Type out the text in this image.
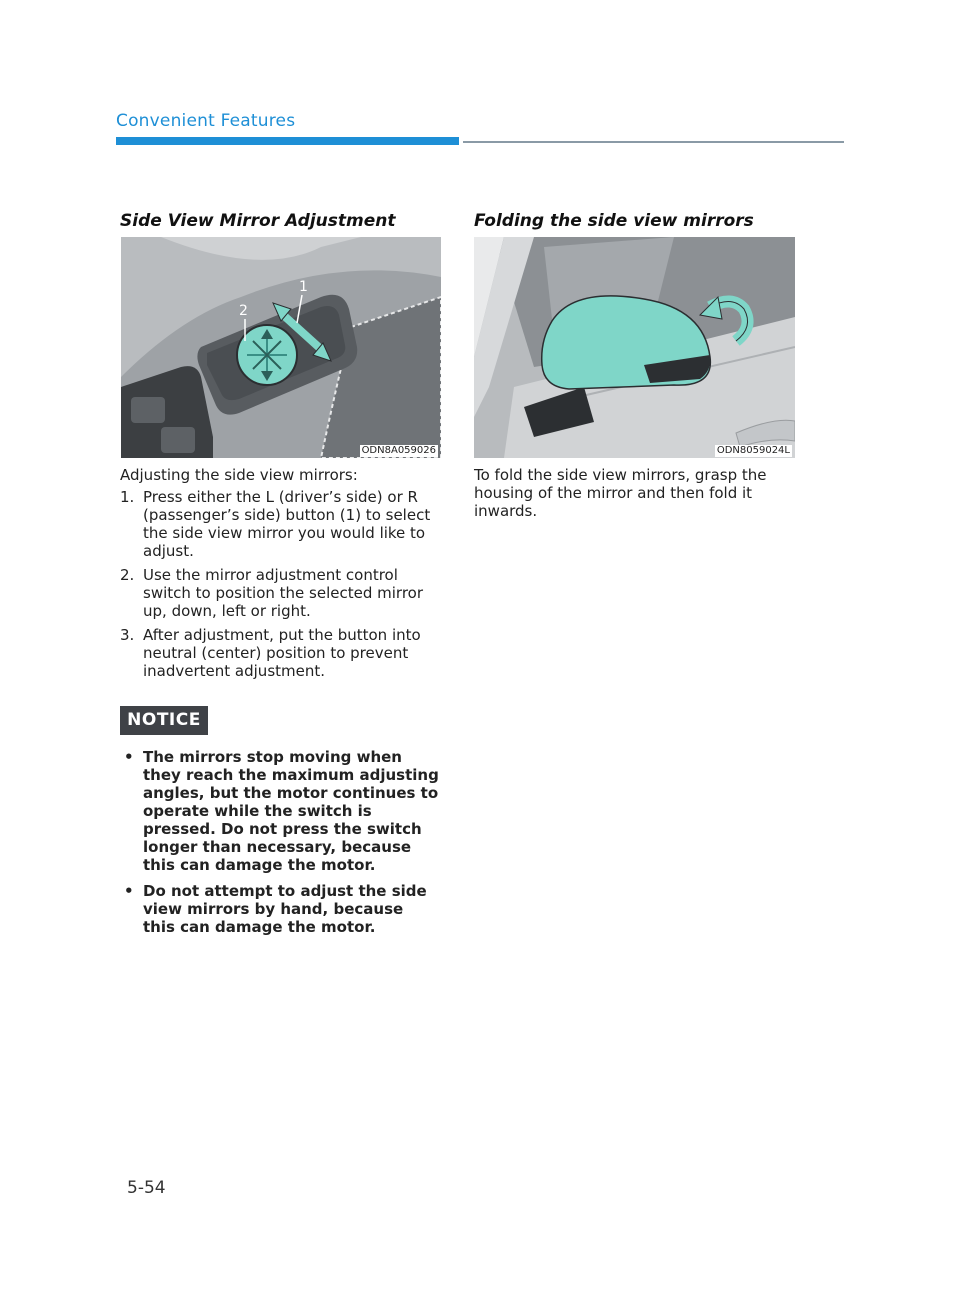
Convenient Features
Side View Mirror Adjustment
1
2
ODN8A059026

Adjusting the side view mirrors:

1. Press either the L (driver’s side) or R (passenger’s side) button (1) to select the side view mirror you would like to adjust.
2. Use the mirror adjustment control switch to position the selected mirror up, down, left or right.
3. After adjustment, put the button into neutral (center) position to prevent inadvertent adjustment.
NOTICE
• The mirrors stop moving when they reach the maximum adjusting angles, but the motor continues to operate while the switch is pressed. Do not press the switch longer than necessary, because this can damage the motor.
• Do not attempt to adjust the side view mirrors by hand, because this can damage the motor.
Folding the side view mirrors
ODN8059024L
To fold the side view mirrors, grasp the housing of the mirror and then fold it inwards.
5-54
